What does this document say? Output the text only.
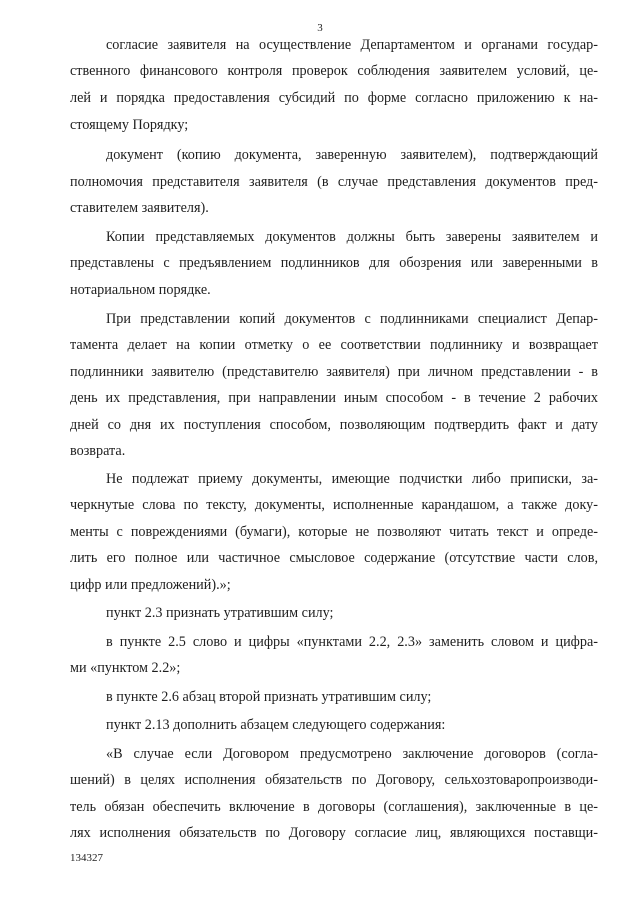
3
согласие заявителя на осуществление Департаментом и органами государ-
ственного финансового контроля проверок соблюдения заявителем условий, це-
лей и порядка предоставления субсидий по форме согласно приложению к на-
стоящему Порядку;
документ (копию документа, заверенную заявителем), подтверждающий
полномочия представителя заявителя (в случае представления документов пред-
ставителем заявителя).
Копии представляемых документов должны быть заверены заявителем и
представлены с предъявлением подлинников для обозрения или заверенными в
нотариальном порядке.
При представлении копий документов с подлинниками специалист Депар-
тамента делает на копии отметку о ее соответствии подлиннику и возвращает
подлинники заявителю (представителю заявителя) при личном представлении - в
день их представления, при направлении иным способом - в течение 2 рабочих
дней со дня их поступления способом, позволяющим подтвердить факт и дату
возврата.
Не подлежат приему документы, имеющие подчистки либо приписки, за-
черкнутые слова по тексту, документы, исполненные карандашом, а также доку-
менты с повреждениями (бумаги), которые не позволяют читать текст и опреде-
лить его полное или частичное смысловое содержание (отсутствие части слов,
цифр или предложений).»;
пункт 2.3 признать утратившим силу;
в пункте 2.5 слово и цифры «пунктами 2.2, 2.3» заменить словом и цифра-
ми «пунктом 2.2»;
в пункте 2.6 абзац второй признать утратившим силу;
пункт 2.13 дополнить абзацем следующего содержания:
«В случае если Договором предусмотрено заключение договоров (согла-
шений) в целях исполнения обязательств по Договору, сельхозтоваропроизводи-
тель обязан обеспечить включение в договоры (соглашения), заключенные в це-
лях исполнения обязательств по Договору согласие лиц, являющихся поставщи-
134327
